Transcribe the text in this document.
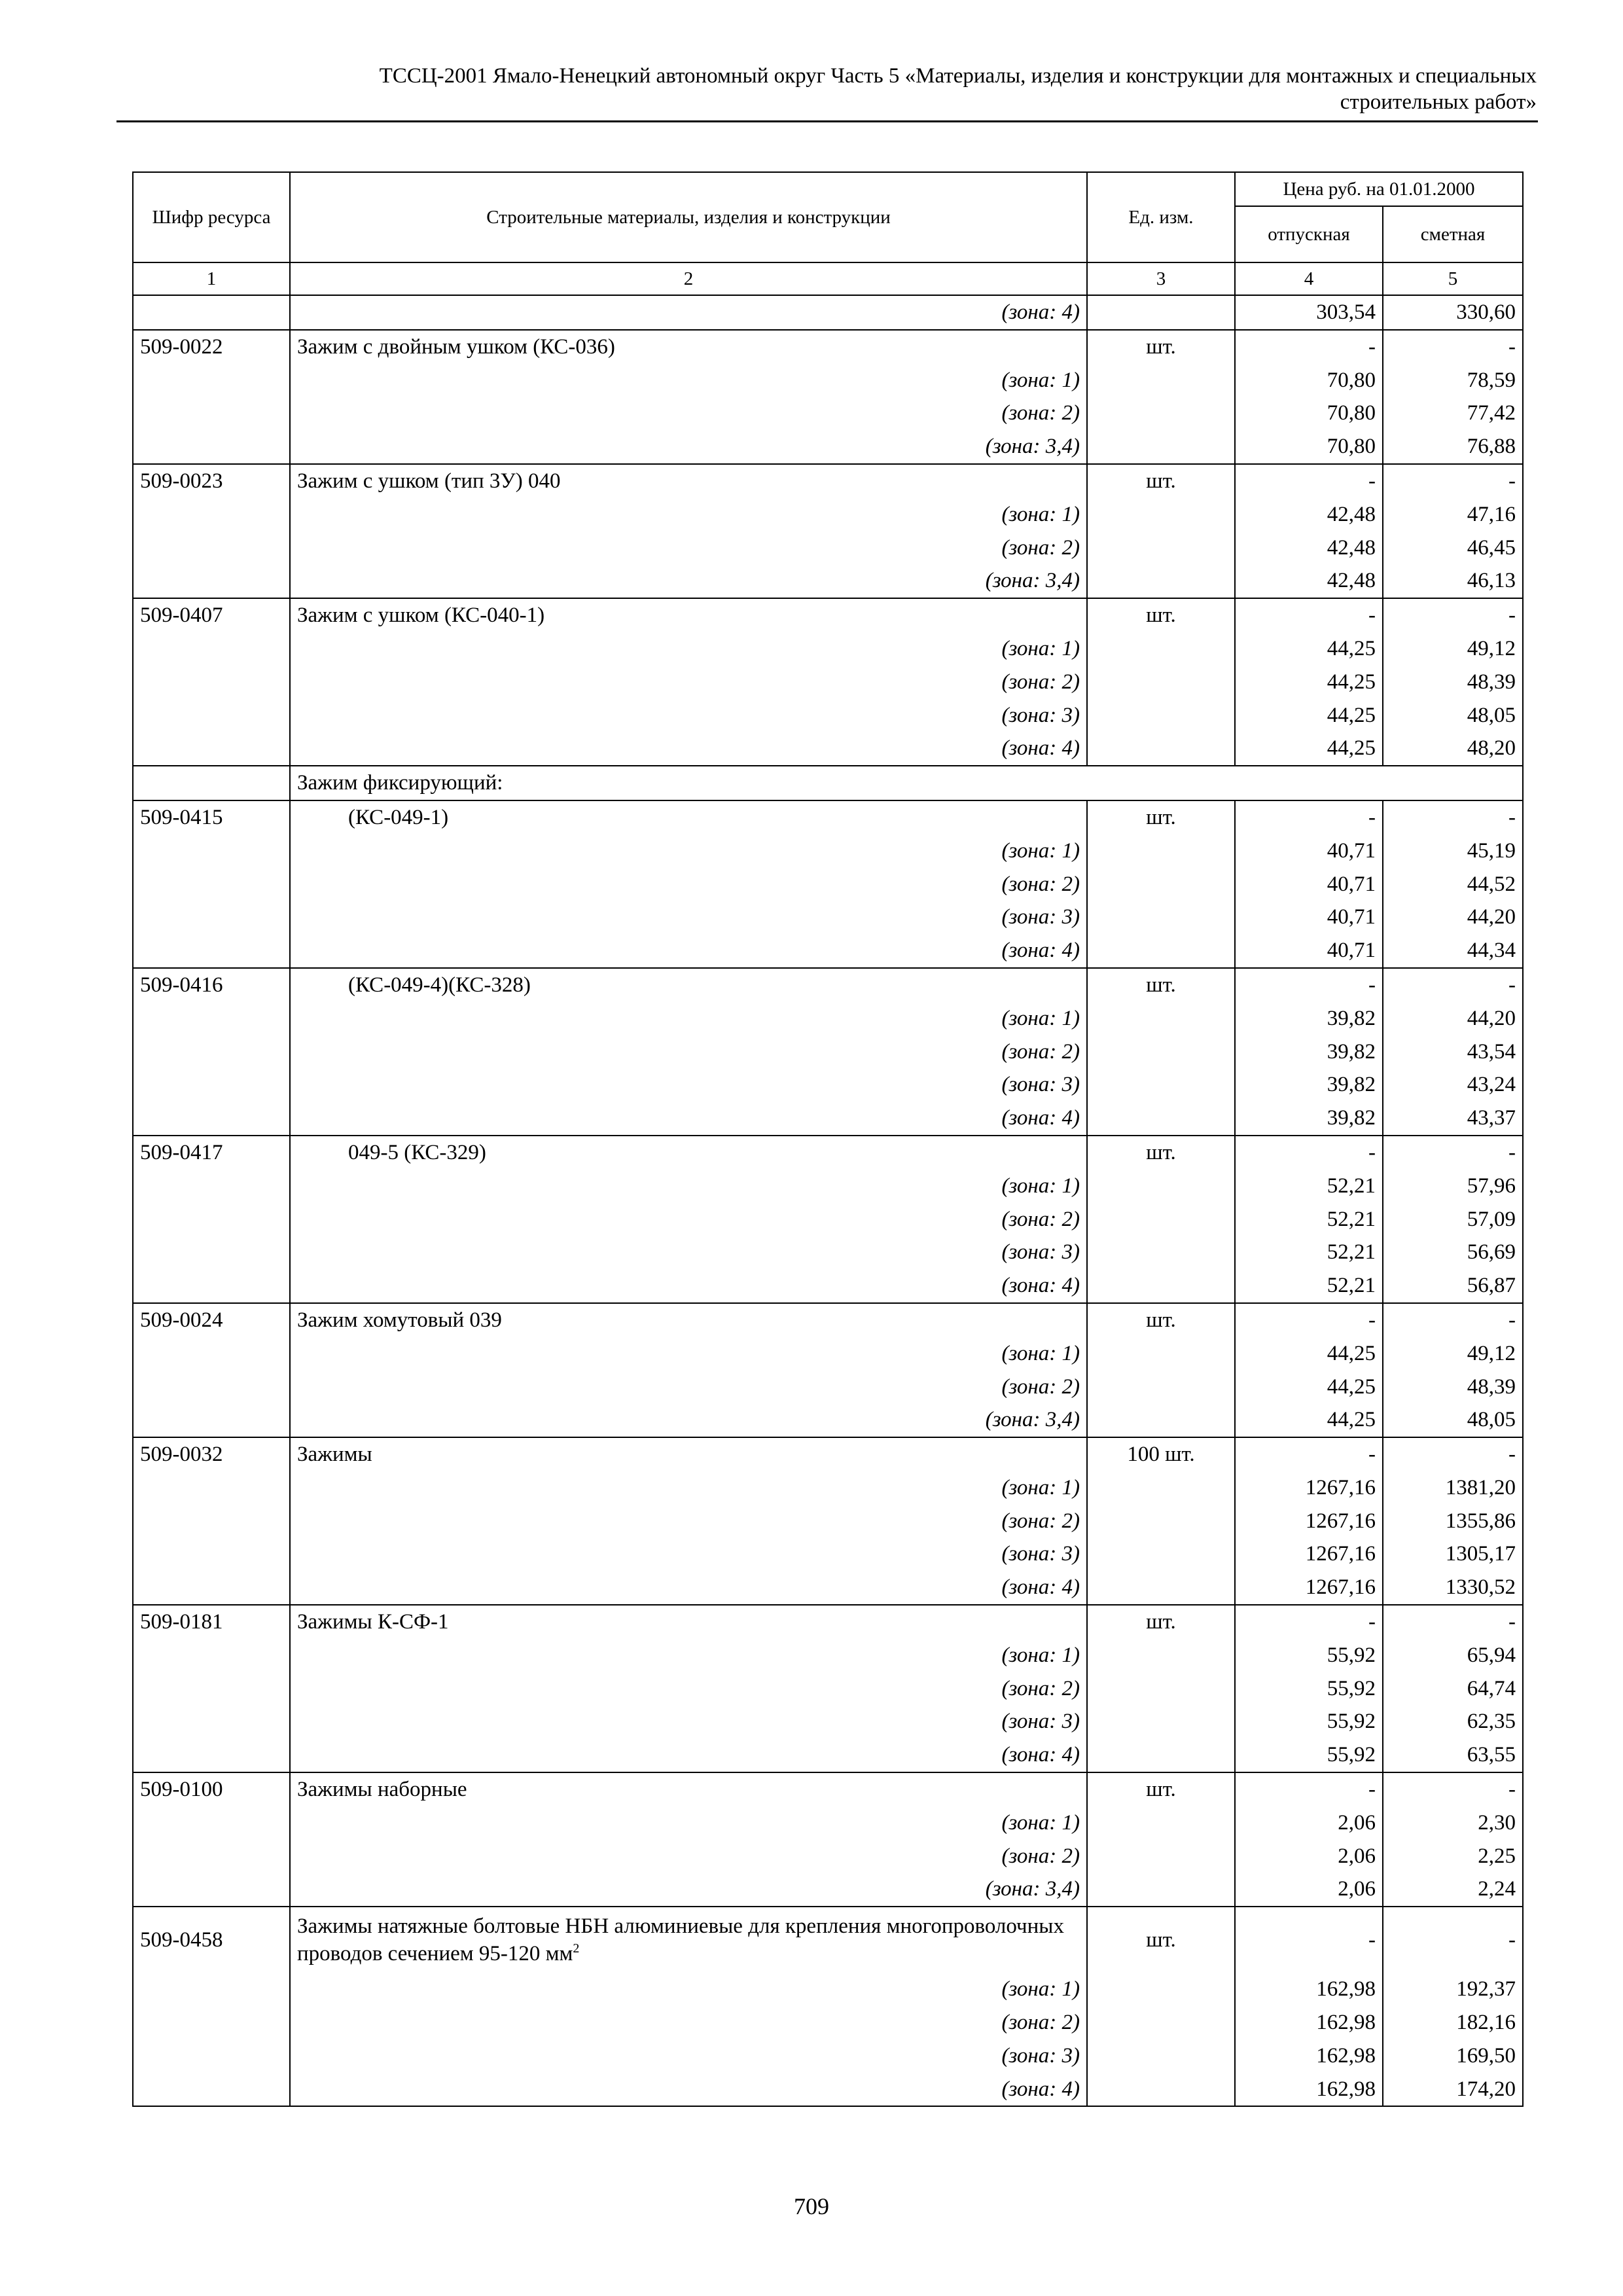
ТССЦ-2001 Ямало-Ненецкий автономный округ Часть 5 «Материалы, изделия и конструкции для монтажных и специальных
строительных работ»
Шифр ресурса	Строительные материалы, изделия и конструкции	Ед. изм.	Цена руб. на 01.01.2000	
			отпускная	сметная
1	2	3	4	5
	(зона: 4)		303,54	330,60
509-0022	Зажим с двойным ушком (КС-036)	шт.	-	-
	(зона: 1)		70,80	78,59
	(зона: 2)		70,80	77,42
	(зона: 3,4)		70,80	76,88
509-0023	Зажим с ушком (тип 3У) 040	шт.	-	-
	(зона: 1)		42,48	47,16
	(зона: 2)		42,48	46,45
	(зона: 3,4)		42,48	46,13
509-0407	Зажим с ушком (КС-040-1)	шт.	-	-
	(зона: 1)		44,25	49,12
	(зона: 2)		44,25	48,39
	(зона: 3)		44,25	48,05
	(зона: 4)		44,25	48,20
	Зажим фиксирующий:			
509-0415	(КС-049-1)	шт.	-	-
	(зона: 1)		40,71	45,19
	(зона: 2)		40,71	44,52
	(зона: 3)		40,71	44,20
	(зона: 4)		40,71	44,34
509-0416	(КС-049-4)(КС-328)	шт.	-	-
	(зона: 1)		39,82	44,20
	(зона: 2)		39,82	43,54
	(зона: 3)		39,82	43,24
	(зона: 4)		39,82	43,37
509-0417	049-5 (КС-329)	шт.	-	-
	(зона: 1)		52,21	57,96
	(зона: 2)		52,21	57,09
	(зона: 3)		52,21	56,69
	(зона: 4)		52,21	56,87
509-0024	Зажим хомутовый 039	шт.	-	-
	(зона: 1)		44,25	49,12
	(зона: 2)		44,25	48,39
	(зона: 3,4)		44,25	48,05
509-0032	Зажимы	100 шт.	-	-
	(зона: 1)		1267,16	1381,20
	(зона: 2)		1267,16	1355,86
	(зона: 3)		1267,16	1305,17
	(зона: 4)		1267,16	1330,52
509-0181	Зажимы К-СФ-1	шт.	-	-
	(зона: 1)		55,92	65,94
	(зона: 2)		55,92	64,74
	(зона: 3)		55,92	62,35
	(зона: 4)		55,92	63,55
509-0100	Зажимы наборные	шт.	-	-
	(зона: 1)		2,06	2,30
	(зона: 2)		2,06	2,25
	(зона: 3,4)		2,06	2,24
509-0458	Зажимы натяжные болтовые НБН алюминиевые для крепления многопроволочных проводов сечением 95-120 $мм^2$	шт.	-	-
	(зона: 1)		162,98	192,37
	(зона: 2)		162,98	182,16
	(зона: 3)		162,98	169,50
	(зона: 4)		162,98	174,20
709
